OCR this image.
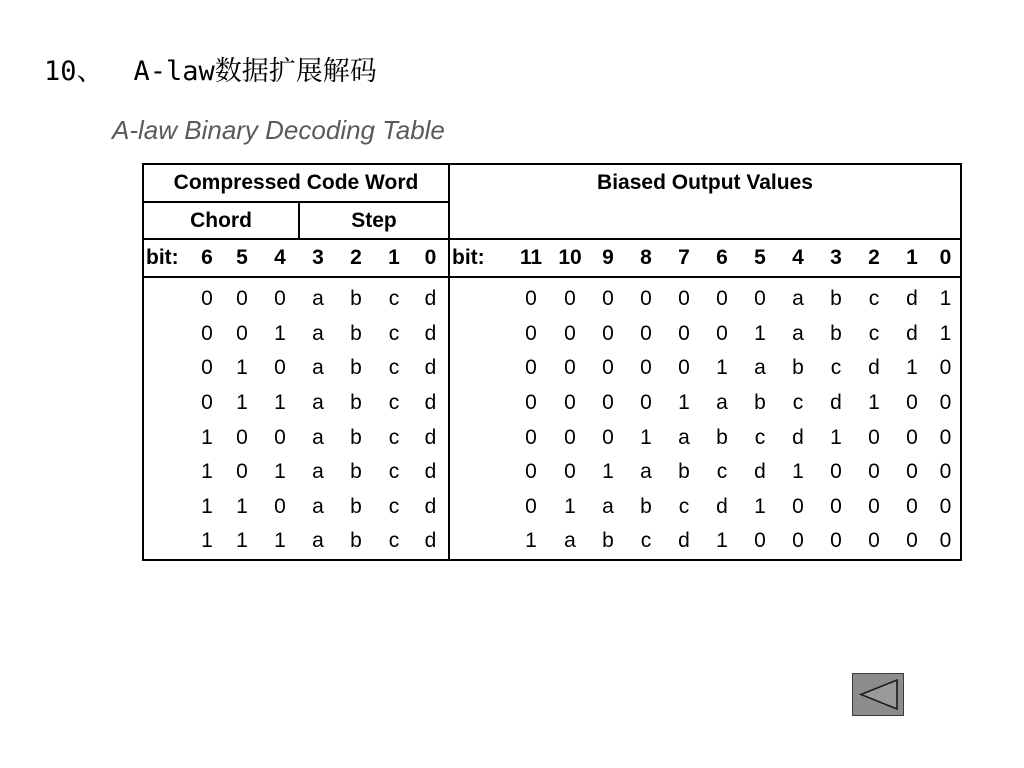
10、 A-law数据扩展解码
A-law Binary Decoding Table
Compressed Code Word								Biased Output Values												
Chord				Step																
bit:	6	5	4	3	2	1	0	bit:	11	10	9	8	7	6	5	4	3	2	1	0
	0	0	0	a	b	c	d		0	0	0	0	0	0	0	a	b	c	d	1
	0	0	1	a	b	c	d		0	0	0	0	0	0	1	a	b	c	d	1
	0	1	0	a	b	c	d		0	0	0	0	0	1	a	b	c	d	1	0
	0	1	1	a	b	c	d		0	0	0	0	1	a	b	c	d	1	0	0
	1	0	0	a	b	c	d		0	0	0	1	a	b	c	d	1	0	0	0
	1	0	1	a	b	c	d		0	0	1	a	b	c	d	1	0	0	0	0
	1	1	0	a	b	c	d		0	1	a	b	c	d	1	0	0	0	0	0
	1	1	1	a	b	c	d		1	a	b	c	d	1	0	0	0	0	0	0
